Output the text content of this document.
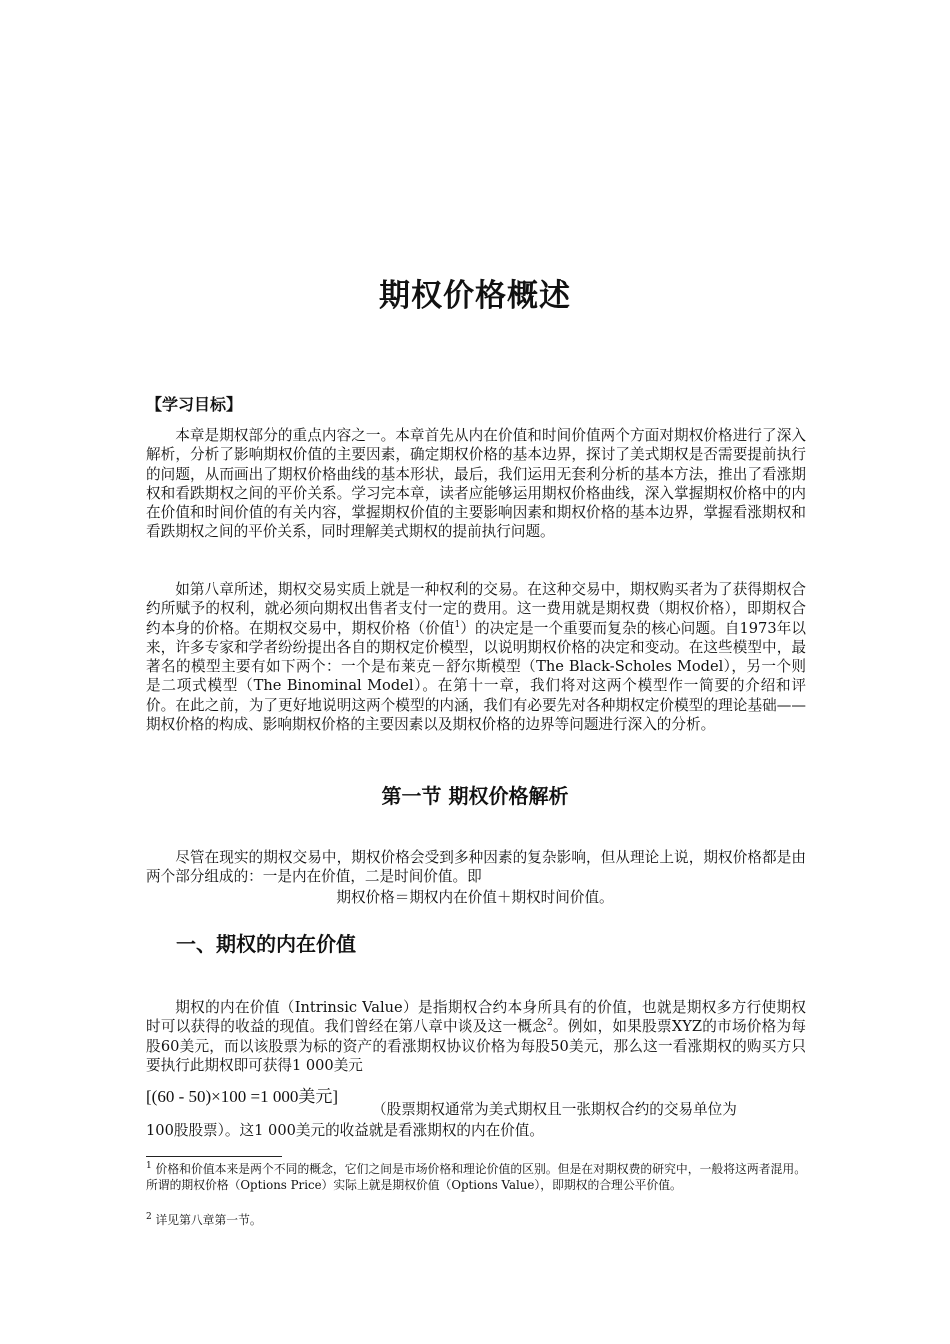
期权价格概述
【学习目标】
本章是期权部分的重点内容之一。本章首先从内在价值和时间价值两个方面对期权价格进行了深入解析，分析了影响期权价值的主要因素，确定期权价格的基本边界，探讨了美式期权是否需要提前执行的问题，从而画出了期权价格曲线的基本形状，最后，我们运用无套利分析的基本方法，推出了看涨期权和看跌期权之间的平价关系。学习完本章，读者应能够运用期权价格曲线，深入掌握期权价格中的内在价值和时间价值的有关内容，掌握期权价值的主要影响因素和期权价格的基本边界，掌握看涨期权和看跌期权之间的平价关系，同时理解美式期权的提前执行问题。
如第八章所述，期权交易实质上就是一种权利的交易。在这种交易中，期权购买者为了获得期权合约所赋予的权利，就必须向期权出售者支付一定的费用。这一费用就是期权费（期权价格），即期权合约本身的价格。在期权交易中，期权价格（价值$^1$）的决定是一个重要而复杂的核心问题。自1973年以来，许多专家和学者纷纷提出各自的期权定价模型，以说明期权价格的决定和变动。在这些模型中，最著名的模型主要有如下两个：一个是布莱克－舒尔斯模型（The Black-Scholes Model），另一个则是二项式模型（The Binominal Model）。在第十一章，我们将对这两个模型作一简要的介绍和评价。在此之前，为了更好地说明这两个模型的内涵，我们有必要先对各种期权定价模型的理论基础——期权价格的构成、影响期权价格的主要因素以及期权价格的边界等问题进行深入的分析。
第一节 期权价格解析
尽管在现实的期权交易中，期权价格会受到多种因素的复杂影响，但从理论上说，期权价格都是由两个部分组成的：一是内在价值，二是时间价值。即
期权价格＝期权内在价值＋期权时间价值。
一、期权的内在价值
期权的内在价值（Intrinsic Value）是指期权合约本身所具有的价值，也就是期权多方行使期权时可以获得的收益的现值。我们曾经在第八章中谈及这一概念$^2$。例如，如果股票XYZ的市场价格为每股60美元，而以该股票为标的资产的看涨期权协议价格为每股50美元，那么这一看涨期权的购买方只要执行此期权即可获得1 000美元
[(60 - 50)×100 =1 000美元]
（股票期权通常为美式期权且一张期权合约的交易单位为
100股股票）。这1 000美元的收益就是看涨期权的内在价值。
$^1$ 价格和价值本来是两个不同的概念，它们之间是市场价格和理论价值的区别。但是在对期权费的研究中，一般将这两者混用。所谓的期权价格（Options Price）实际上就是期权价值（Options Value），即期权的合理公平价值。
$^2$ 详见第八章第一节。
